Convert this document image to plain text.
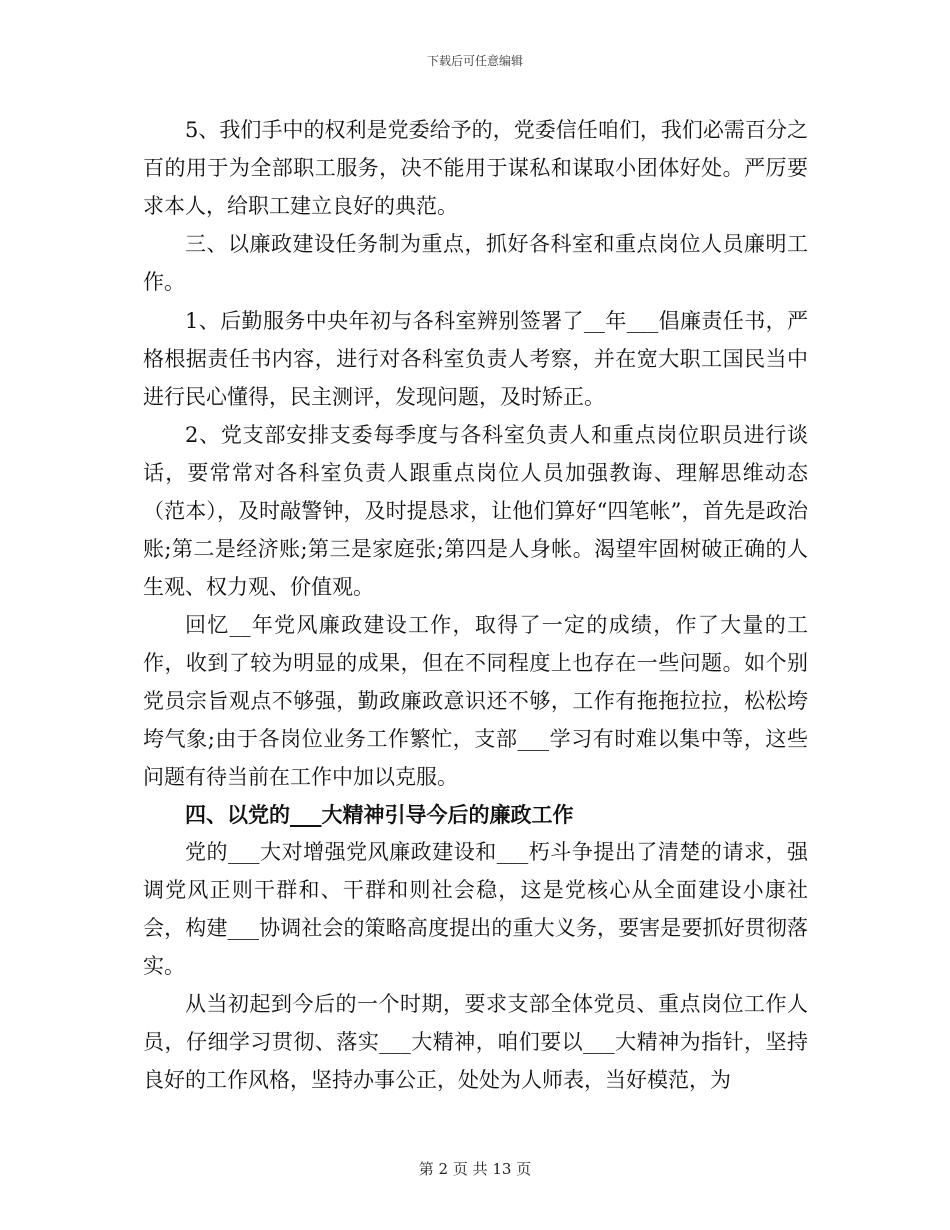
下载后可任意编辑

5、我们手中的权利是党委给予的，党委信任咱们，我们必需百分之百的用于为全部职工服务，决不能用于谋私和谋取小团体好处。严厉要求本人，给职工建立良好的典范。

三、以廉政建设任务制为重点，抓好各科室和重点岗位人员廉明工作。

1、后勤服务中央年初与各科室辨别签署了__年___倡廉责任书，严格根据责任书内容，进行对各科室负责人考察，并在宽大职工国民当中进行民心懂得，民主测评，发现问题，及时矫正。

2、党支部安排支委每季度与各科室负责人和重点岗位职员进行谈话，要常常对各科室负责人跟重点岗位人员加强教诲、理解思维动态（范本），及时敲警钟，及时提恳求，让他们算好“四笔帐”，首先是政治账;第二是经济账;第三是家庭张;第四是人身帐。渴望牢固树破正确的人生观、权力观、价值观。

回忆__年党风廉政建设工作，取得了一定的成绩，作了大量的工作，收到了较为明显的成果，但在不同程度上也存在一些问题。如个别党员宗旨观点不够强，勤政廉政意识还不够，工作有拖拖拉拉，松松垮垮气象;由于各岗位业务工作繁忙，支部___学习有时难以集中等，这些问题有待当前在工作中加以克服。

四、以党的___大精神引导今后的廉政工作

党的___大对增强党风廉政建设和___朽斗争提出了清楚的请求，强调党风正则干群和、干群和则社会稳，这是党核心从全面建设小康社会，构建___协调社会的策略高度提出的重大义务，要害是要抓好贯彻落实。

从当初起到今后的一个时期，要求支部全体党员、重点岗位工作人员，仔细学习贯彻、落实___大精神，咱们要以___大精神为指针，坚持良好的工作风格，坚持办事公正，处处为人师表，当好模范，为

第 2 页 共 13 页
